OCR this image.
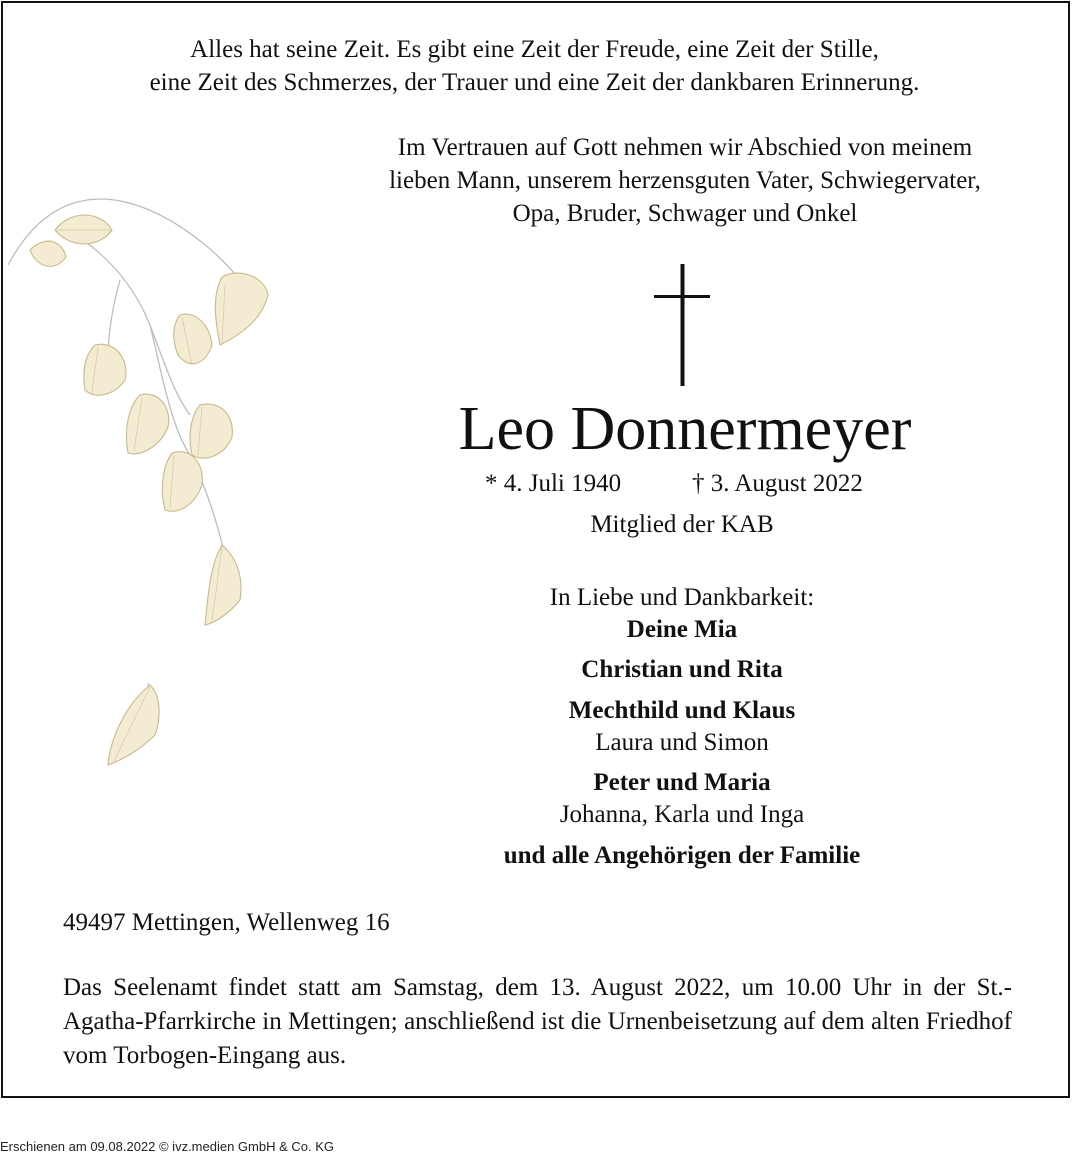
Alles hat seine Zeit. Es gibt eine Zeit der Freude, eine Zeit der Stille,
eine Zeit des Schmerzes, der Trauer und eine Zeit der dankbaren Erinnerung.
Im Vertrauen auf Gott nehmen wir Abschied von meinem
lieben Mann, unserem herzensguten Vater, Schwiegervater,
Opa, Bruder, Schwager und Onkel
Leo Donnermeyer
* 4. Juli 1940	† 3. August 2022
Mitglied der KAB
In Liebe und Dankbarkeit:
Deine Mia
Christian und Rita
Mechthild und Klaus
Laura und Simon
Peter und Maria
Johanna, Karla und Inga
und alle Angehörigen der Familie
49497 Mettingen, Wellenweg 16
Das Seelenamt findet statt am Samstag, dem 13. August 2022, um 10.00 Uhr in der St.-Agatha-Pfarrkirche in Mettingen; anschließend ist die Urnenbeisetzung auf dem alten Friedhof vom Torbogen-Eingang aus.
Erschienen am 09.08.2022 © ivz.medien GmbH & Co. KG
